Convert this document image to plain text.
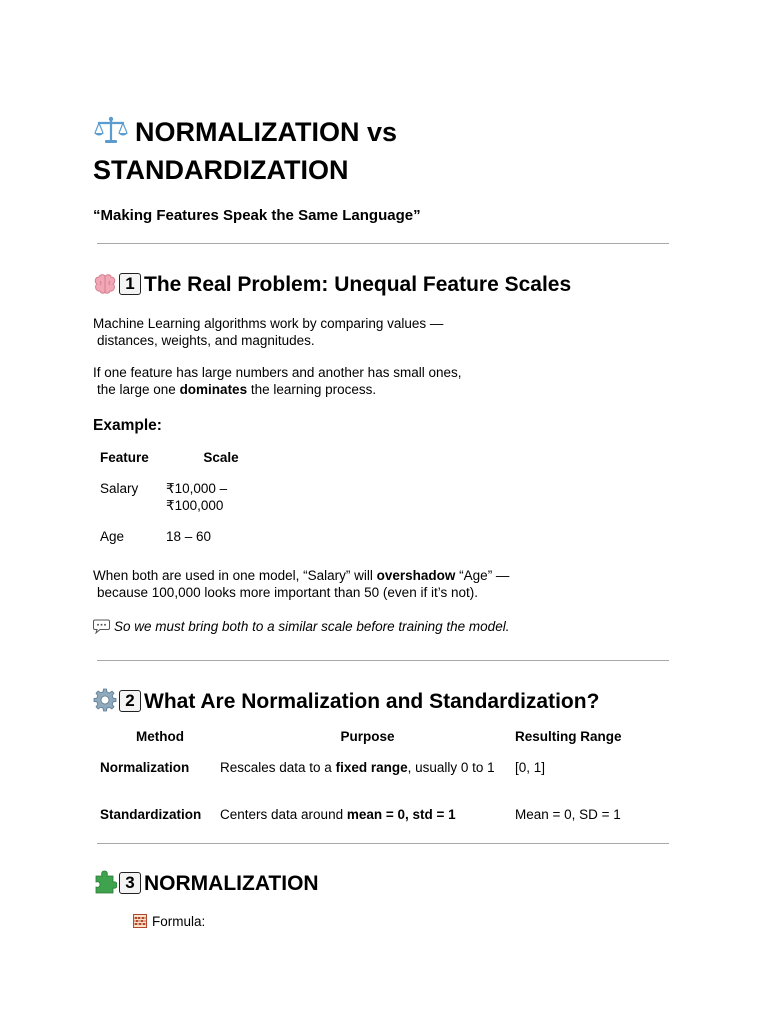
NORMALIZATION vs
STANDARDIZATION

“Making Features Speak the Same Language”

1 The Real Problem: Unequal Feature Scales

Machine Learning algorithms work by comparing values —
distances, weights, and magnitudes.

If one feature has large numbers and another has small ones,
the large one dominates the learning process.

Example:
Feature	Scale
Salary	₹10,000 –
₹100,000
Age	18 – 60

When both are used in one model, “Salary” will overshadow “Age” —
because 100,000 looks more important than 50 (even if it’s not).

So we must bring both to a similar scale before training the model.

2 What Are Normalization and Standardization?
Method	Purpose	Resulting Range
Normalization	Rescales data to a fixed range, usually 0 to 1	[0, 1]
Standardization	Centers data around mean = 0, std = 1	Mean = 0, SD = 1
3 NORMALIZATION

Formula:
